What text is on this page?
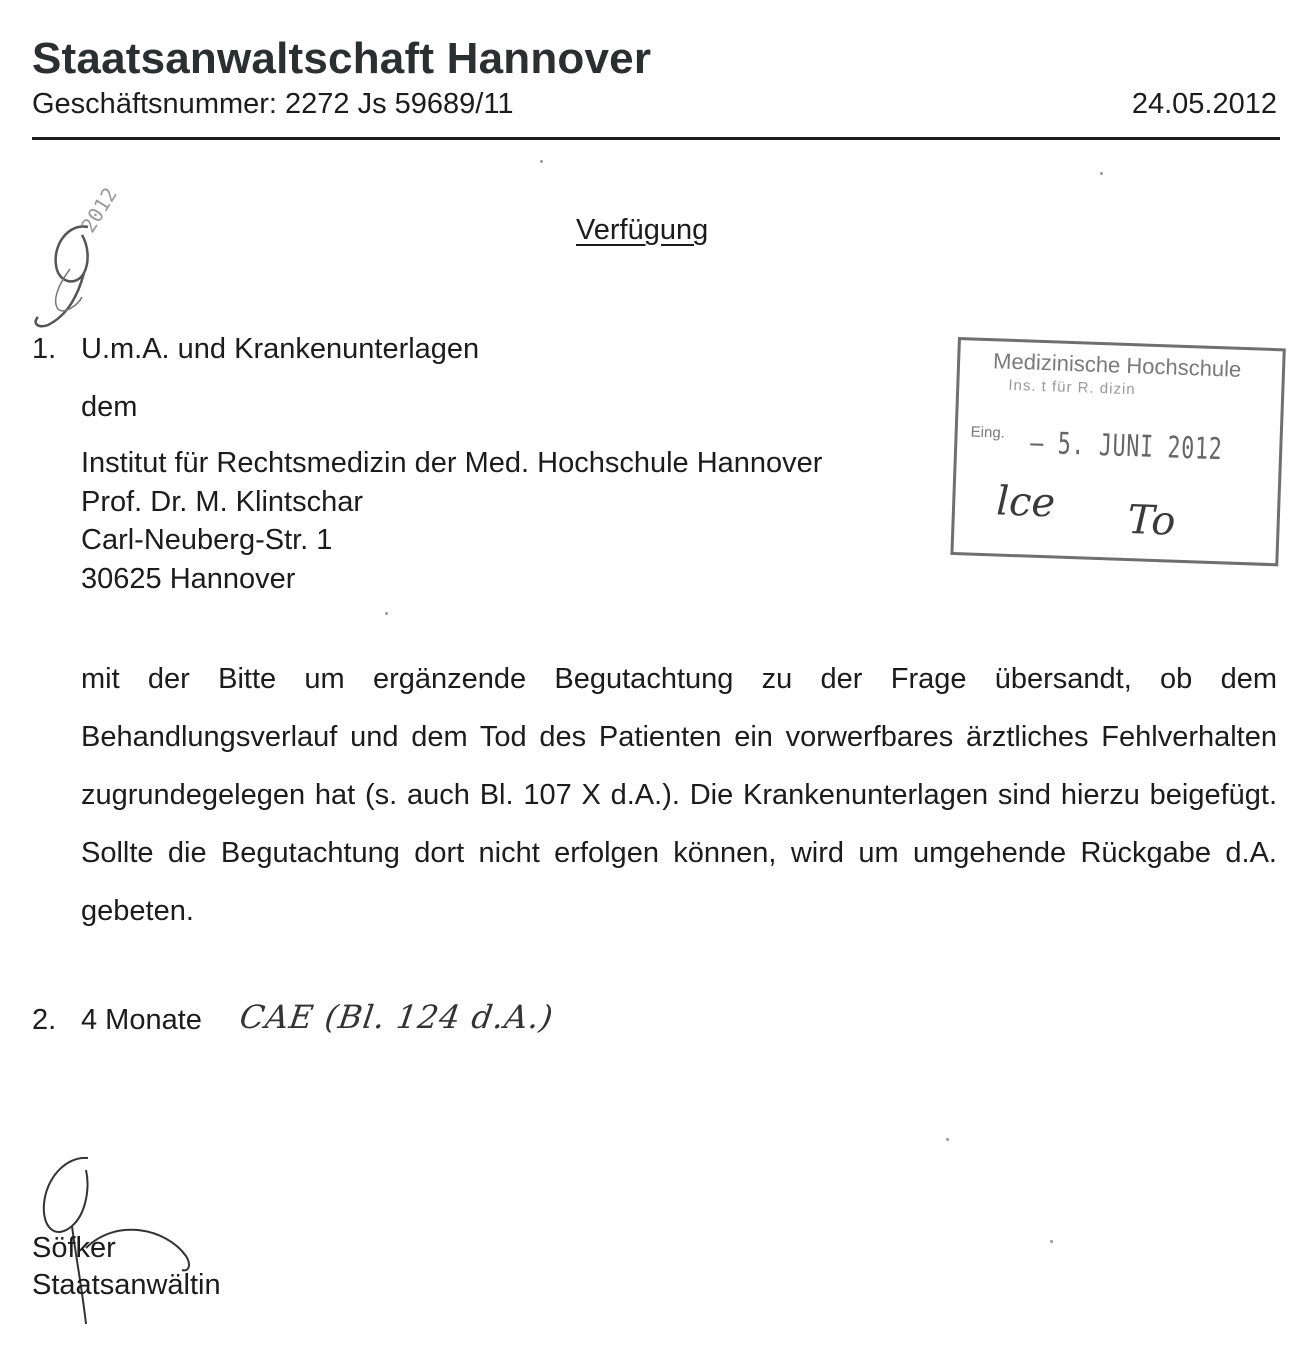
Staatsanwaltschaft Hannover
Geschäftsnummer: 2272 Js 59689/11	24.05.2012
2012	Verfügung
1. U.m.A. und Krankenunterlagen
dem
Institut für Rechtsmedizin der Med. Hochschule Hannover
Prof. Dr. M. Klintschar
Carl-Neuberg-Str. 1
30625 Hannover
mit der Bitte um ergänzende Begutachtung zu der Frage übersandt, ob dem Behandlungsverlauf und dem Tod des Patienten ein vorwerfbares ärztliches Fehlverhalten zugrundegelegen hat (s. auch Bl. 107 X d.A.). Die Krankenunterlagen sind hierzu beigefügt. Sollte die Begutachtung dort nicht erfolgen können, wird um umgehende Rückgabe d.A. gebeten.
2. 4 Monate CAE (Bl. 124 d.A.)
Medizinische Hochschule
Ins. t für R. dizin
Eing. – 5. JUNI 2012
lce To
Söfker
Staatsanwältin
